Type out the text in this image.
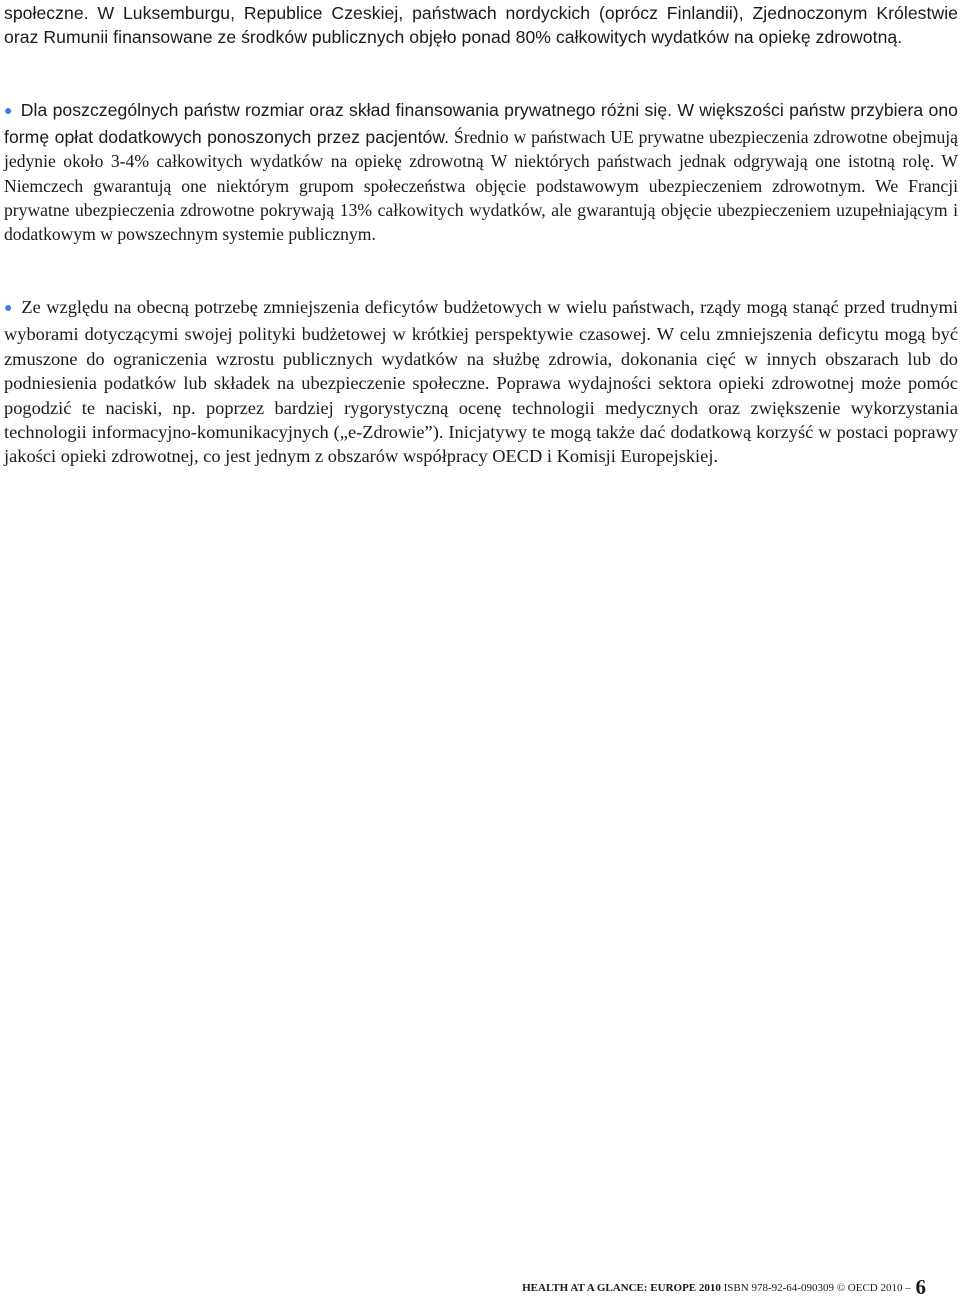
społeczne. W Luksemburgu, Republice Czeskiej, państwach nordyckich (oprócz Finlandii), Zjednoczonym Królestwie oraz Rumunii finansowane ze środków publicznych objęło ponad 80% całkowitych wydatków na opiekę zdrowotną.

● Dla poszczególnych państw rozmiar oraz skład finansowania prywatnego różni się. W większości państw przybiera ono formę opłat dodatkowych ponoszonych przez pacjentów. Średnio w państwach UE prywatne ubezpieczenia zdrowotne obejmują jedynie około 3-4% całkowitych wydatków na opiekę zdrowotną W niektórych państwach jednak odgrywają one istotną rolę. W Niemczech gwarantują one niektórym grupom społeczeństwa objęcie podstawowym ubezpieczeniem zdrowotnym. We Francji prywatne ubezpieczenia zdrowotne pokrywają 13% całkowitych wydatków, ale gwarantują objęcie ubezpieczeniem uzupełniającym i dodatkowym w powszechnym systemie publicznym.

● Ze względu na obecną potrzebę zmniejszenia deficytów budżetowych w wielu państwach, rządy mogą stanąć przed trudnymi wyborami dotyczącymi swojej polityki budżetowej w krótkiej perspektywie czasowej. W celu zmniejszenia deficytu mogą być zmuszone do ograniczenia wzrostu publicznych wydatków na służbę zdrowia, dokonania cięć w innych obszarach lub do podniesienia podatków lub składek na ubezpieczenie społeczne. Poprawa wydajności sektora opieki zdrowotnej może pomóc pogodzić te naciski, np. poprzez bardziej rygorystyczną ocenę technologii medycznych oraz zwiększenie wykorzystania technologii informacyjno-komunikacyjnych („e-Zdrowie”). Inicjatywy te mogą także dać dodatkową korzyść w postaci poprawy jakości opieki zdrowotnej, co jest jednym z obszarów współpracy OECD i Komisji Europejskiej.

HEALTH AT A GLANCE: EUROPE 2010 ISBN 978-92-64-090309 © OECD 2010 – 6
